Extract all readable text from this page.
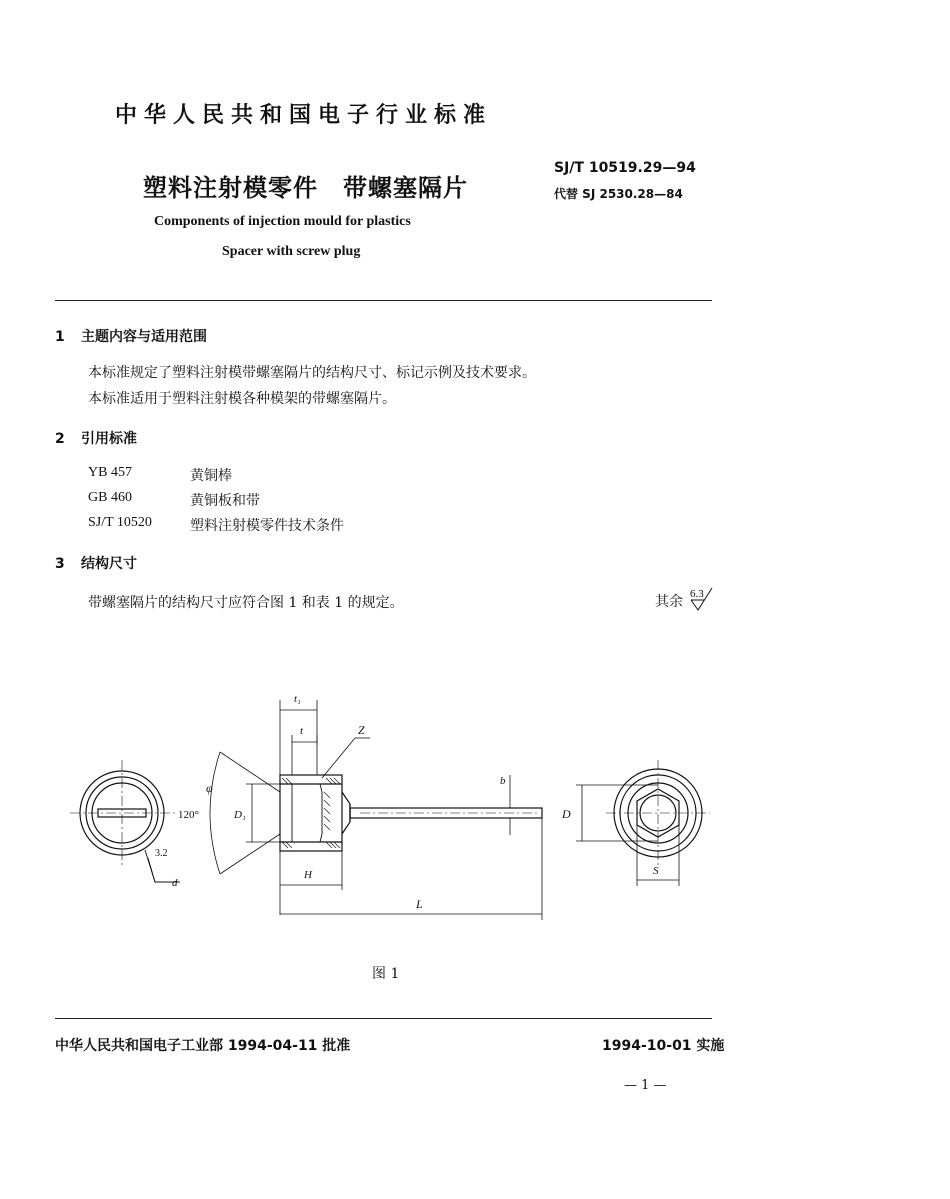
中华人民共和国电子行业标准
塑料注射模零件　带螺塞隔片
SJ/T 10519.29—94
代替 SJ 2530.28—84
Components of injection mould for plastics
Spacer with screw plug
1 主题内容与适用范围
本标准规定了塑料注射模带螺塞隔片的结构尺寸、标记示例及技术要求。
本标准适用于塑料注射模各种模架的带螺塞隔片。
2 引用标准
YB 457	黄铜棒
GB 460	黄铜板和带
SJ/T 10520	塑料注射模零件技术条件
3 结构尺寸
带螺塞隔片的结构尺寸应符合图 1 和表 1 的规定。	其余 6.3
t₁
t	Z
b
120°
φ
D₁
H
L
D
S
d
3.2
图 1
中华人民共和国电子工业部 1994-04-11 批准	1994-10-01 实施
— 1 —
